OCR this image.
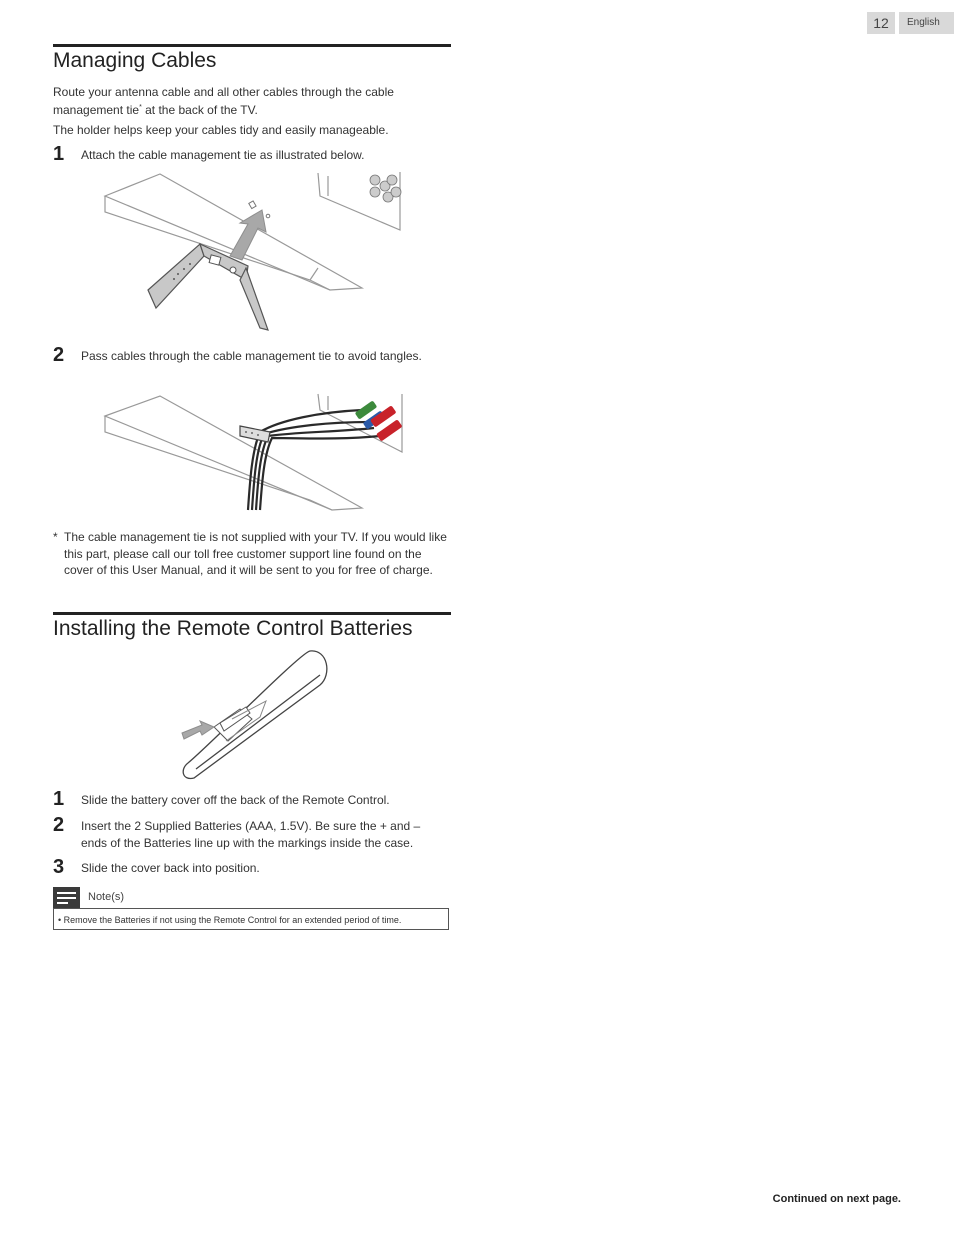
12	English
Managing Cables
Route your antenna cable and all other cables through the cable
management tie* at the back of the TV.
The holder helps keep your cables tidy and easily manageable.
1 Attach the cable management tie as illustrated below.
2 Pass cables through the cable management tie to avoid tangles.
* The cable management tie is not supplied with your TV. If you would like this part, please call our toll free customer support line found on the cover of this User Manual, and it will be sent to you for free of charge.
Installing the Remote Control Batteries
1 Slide the battery cover off the back of the Remote Control.
2 Insert the 2 Supplied Batteries (AAA, 1.5V). Be sure the + and – ends of the Batteries line up with the markings inside the case.
3 Slide the cover back into position.
Note(s)
• Remove the Batteries if not using the Remote Control for an extended period of time.
Continued on next page.
